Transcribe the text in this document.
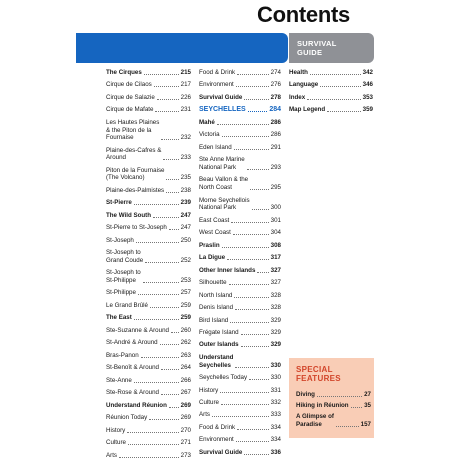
Contents
SURVIVAL
GUIDE
The Cirques	215
Cirque de Cilaos	217
Cirque de Salazie	226
Cirque de Mafate	231
Les Hautes Plaines
& the Piton de la
Fournaise	232
Plaine-des-Cafres &
Around	233
Piton de la Fournaise
(The Volcano)	235
Plaine-des-Palmistes	238
St-Pierre	239
The Wild South	247
St-Pierre to St-Joseph 247
St-Joseph	250
St-Joseph to
Grand Coude	252
St-Joseph to
St-Philippe	253
St-Philippe	257
Le Grand Brûlé	259
The East	259
Ste-Suzanne & Around 260
St-André & Around	262
Bras-Panon	263
St-Benoît & Around	264
Ste-Anne	266
Ste-Rose & Around	267
Understand Réunion 269
Réunion Today	269
History	270
Culture	271
Arts	273
Food & Drink	274
Environment	276
Survival Guide	278
SEYCHELLES	284
Mahé	286
Victoria	286
Eden Island	291
Ste Anne Marine
National Park	293
Beau Vallon & the
North Coast	295
Morne Seychellois
National Park	300
East Coast	301
West Coast	304
Praslin	308
La Digue	317
Other Inner Islands 327
Silhouette	327
North Island	328
Denis Island	328
Bird Island	329
Frégate Island	329
Outer Islands	329
Understand
Seychelles	330
Seychelles Today	330
History	331
Culture	332
Arts	333
Food & Drink	334
Environment	334
Survival Guide	336
Health	342
Language	346
Index	353
Map Legend	359
SPECIAL
FEATURES
Diving	27
Hiking in Réunion	35
A Glimpse of
Paradise	157
